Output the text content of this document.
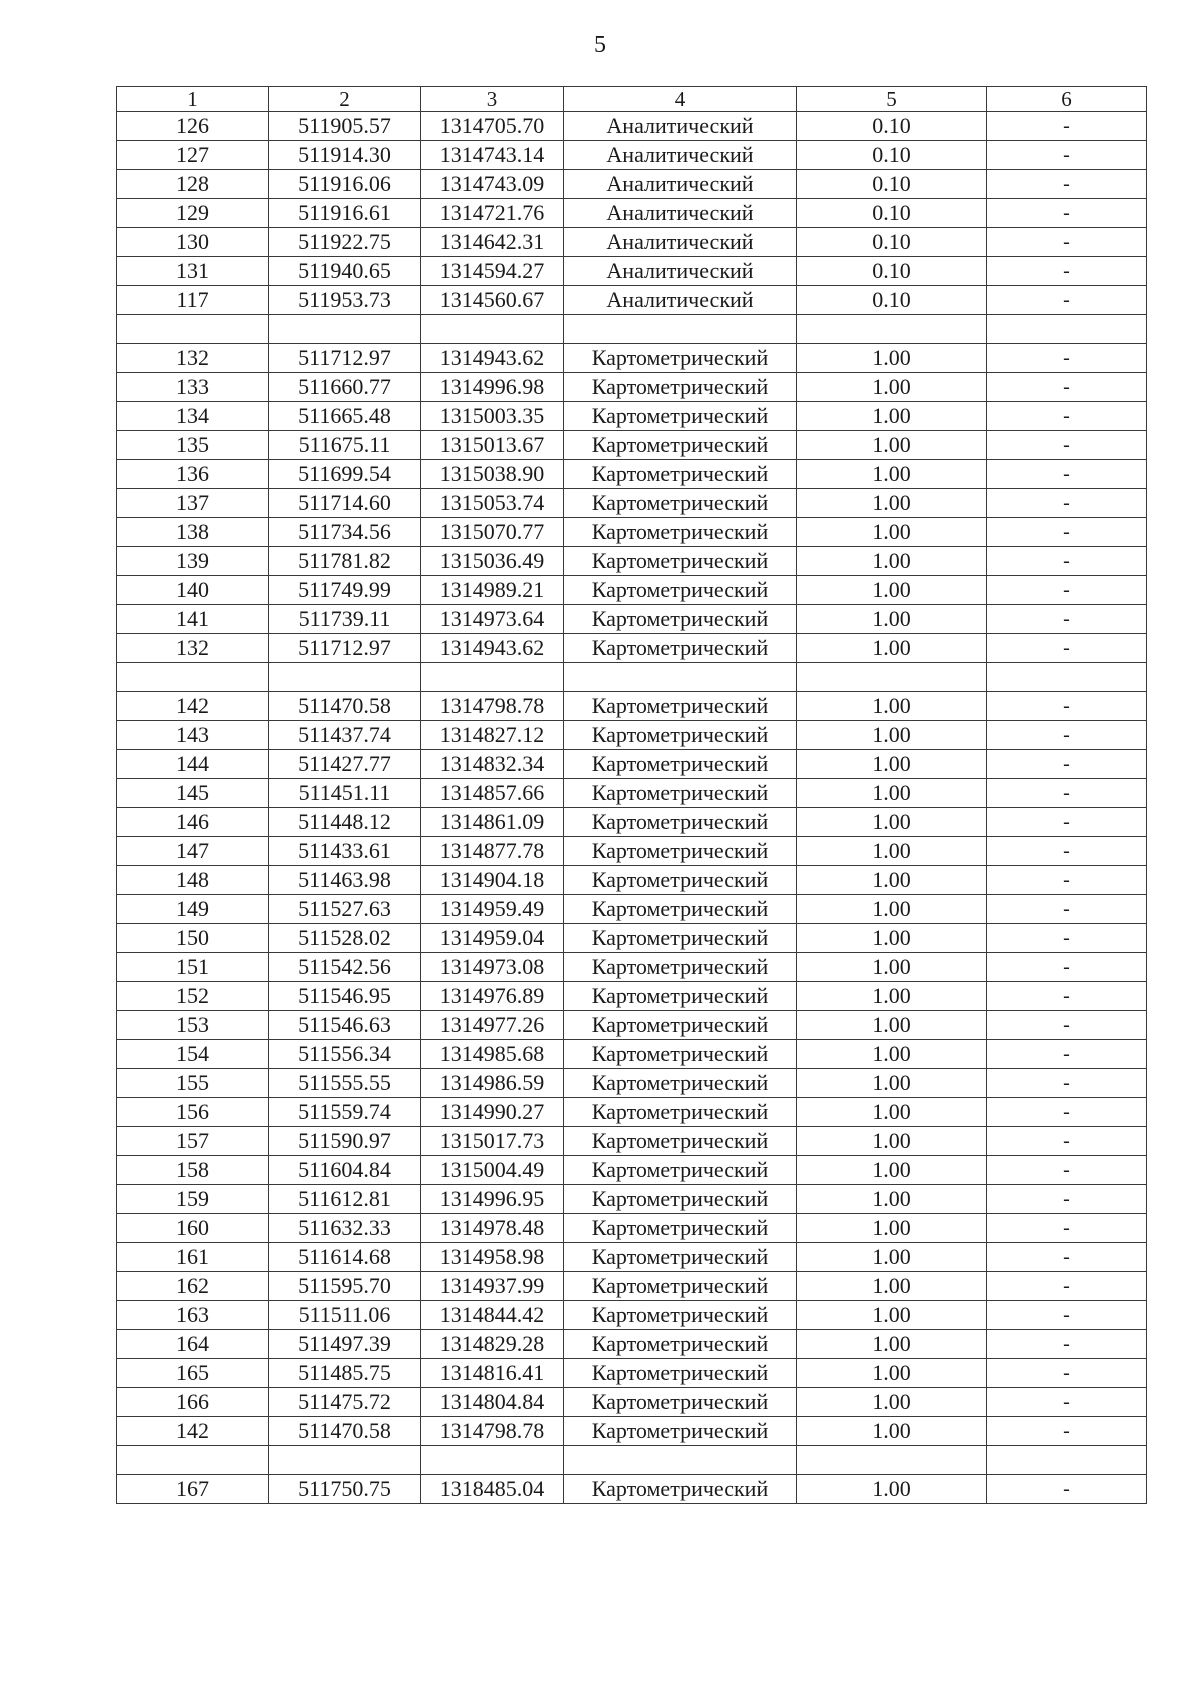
5
1	2	3	4	5	6
126	511905.57	1314705.70	Аналитический	0.10	-
127	511914.30	1314743.14	Аналитический	0.10	-
128	511916.06	1314743.09	Аналитический	0.10	-
129	511916.61	1314721.76	Аналитический	0.10	-
130	511922.75	1314642.31	Аналитический	0.10	-
131	511940.65	1314594.27	Аналитический	0.10	-
117	511953.73	1314560.67	Аналитический	0.10	-

132	511712.97	1314943.62	Картометрический	1.00	-
133	511660.77	1314996.98	Картометрический	1.00	-
134	511665.48	1315003.35	Картометрический	1.00	-
135	511675.11	1315013.67	Картометрический	1.00	-
136	511699.54	1315038.90	Картометрический	1.00	-
137	511714.60	1315053.74	Картометрический	1.00	-
138	511734.56	1315070.77	Картометрический	1.00	-
139	511781.82	1315036.49	Картометрический	1.00	-
140	511749.99	1314989.21	Картометрический	1.00	-
141	511739.11	1314973.64	Картометрический	1.00	-
132	511712.97	1314943.62	Картометрический	1.00	-

142	511470.58	1314798.78	Картометрический	1.00	-
143	511437.74	1314827.12	Картометрический	1.00	-
144	511427.77	1314832.34	Картометрический	1.00	-
145	511451.11	1314857.66	Картометрический	1.00	-
146	511448.12	1314861.09	Картометрический	1.00	-
147	511433.61	1314877.78	Картометрический	1.00	-
148	511463.98	1314904.18	Картометрический	1.00	-
149	511527.63	1314959.49	Картометрический	1.00	-
150	511528.02	1314959.04	Картометрический	1.00	-
151	511542.56	1314973.08	Картометрический	1.00	-
152	511546.95	1314976.89	Картометрический	1.00	-
153	511546.63	1314977.26	Картометрический	1.00	-
154	511556.34	1314985.68	Картометрический	1.00	-
155	511555.55	1314986.59	Картометрический	1.00	-
156	511559.74	1314990.27	Картометрический	1.00	-
157	511590.97	1315017.73	Картометрический	1.00	-
158	511604.84	1315004.49	Картометрический	1.00	-
159	511612.81	1314996.95	Картометрический	1.00	-
160	511632.33	1314978.48	Картометрический	1.00	-
161	511614.68	1314958.98	Картометрический	1.00	-
162	511595.70	1314937.99	Картометрический	1.00	-
163	511511.06	1314844.42	Картометрический	1.00	-
164	511497.39	1314829.28	Картометрический	1.00	-
165	511485.75	1314816.41	Картометрический	1.00	-
166	511475.72	1314804.84	Картометрический	1.00	-
142	511470.58	1314798.78	Картометрический	1.00	-

167	511750.75	1318485.04	Картометрический	1.00	-
